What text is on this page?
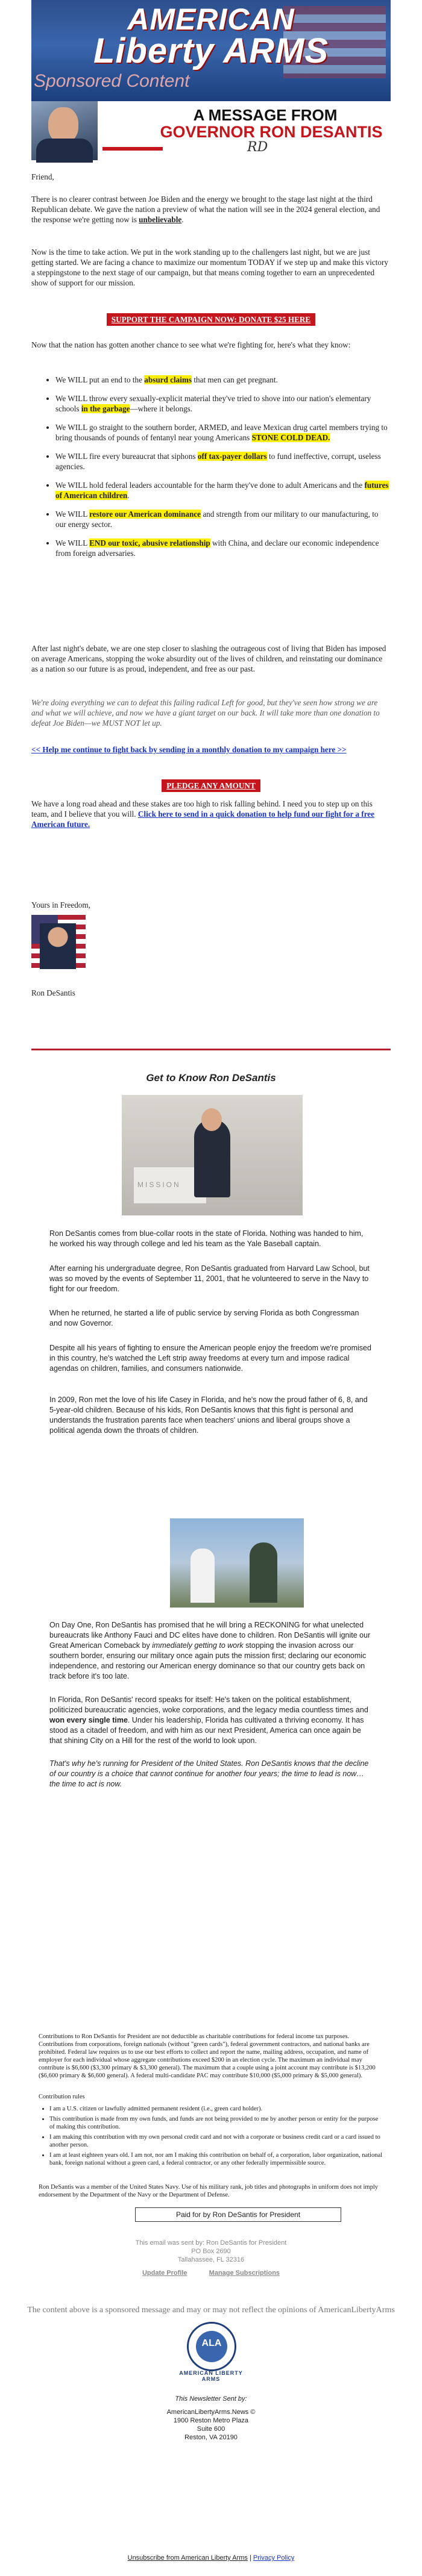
AMERICAN
Liberty ARMS
Sponsored Content
A MESSAGE FROM
GOVERNOR RON DESANTIS
RD
Friend,
There is no clearer contrast between Joe Biden and the energy we brought to the stage last night at the third Republican debate. We gave the nation a preview of what the nation will see in the 2024 general election, and the response we're getting now is unbelievable.
Now is the time to take action. We put in the work standing up to the challengers last night, but we are just getting started. We are facing a chance to maximize our momentum TODAY if we step up and make this victory a steppingstone to the next stage of our campaign, but that means coming together to earn an unprecedented show of support for our mission.
SUPPORT THE CAMPAIGN NOW: DONATE $25 HERE
Now that the nation has gotten another chance to see what we're fighting for, here's what they know:
• We WILL put an end to the absurd claims that men can get pregnant.
• We WILL throw every sexually-explicit material they've tried to shove into our nation's elementary schools in the garbage—where it belongs.
• We WILL go straight to the southern border, ARMED, and leave Mexican drug cartel members trying to bring thousands of pounds of fentanyl near young Americans STONE COLD DEAD.
• We WILL fire every bureaucrat that siphons off tax-payer dollars to fund ineffective, corrupt, useless agencies.
• We WILL hold federal leaders accountable for the harm they've done to adult Americans and the futures of American children.
• We WILL restore our American dominance and strength from our military to our manufacturing, to our energy sector.
• We WILL END our toxic, abusive relationship with China, and declare our economic independence from foreign adversaries.
After last night's debate, we are one step closer to slashing the outrageous cost of living that Biden has imposed on average Americans, stopping the woke absurdity out of the lives of children, and reinstating our dominance as a nation so our future is as proud, independent, and free as our past.
We're doing everything we can to defeat this failing radical Left for good, but they've seen how strong we are and what we will achieve, and now we have a giant target on our back. It will take more than one donation to defeat Joe Biden—we MUST NOT let up.
<< Help me continue to fight back by sending in a monthly donation to my campaign here >>
PLEDGE ANY AMOUNT
We have a long road ahead and these stakes are too high to risk falling behind. I need you to step up on this team, and I believe that you will. Click here to send in a quick donation to help fund our fight for a free American future.
Yours in Freedom,
Ron DeSantis
Get to Know Ron DeSantis
MISSION
Ron DeSantis comes from blue-collar roots in the state of Florida. Nothing was handed to him, he worked his way through college and led his team as the Yale Baseball captain.
After earning his undergraduate degree, Ron DeSantis graduated from Harvard Law School, but was so moved by the events of September 11, 2001, that he volunteered to serve in the Navy to fight for our freedom.
When he returned, he started a life of public service by serving Florida as both Congressman and now Governor.
Despite all his years of fighting to ensure the American people enjoy the freedom we're promised in this country, he's watched the Left strip away freedoms at every turn and impose radical agendas on children, families, and consumers nationwide.
In 2009, Ron met the love of his life Casey in Florida, and he's now the proud father of 6, 8, and 5-year-old children. Because of his kids, Ron DeSantis knows that this fight is personal and understands the frustration parents face when teachers' unions and liberal groups shove a political agenda down the throats of children.
On Day One, Ron DeSantis has promised that he will bring a RECKONING for what unelected bureaucrats like Anthony Fauci and DC elites have done to children. Ron DeSantis will ignite our Great American Comeback by immediately getting to work stopping the invasion across our southern border, ensuring our military once again puts the mission first; declaring our economic independence, and restoring our American energy dominance so that our country gets back on track before it's too late.
In Florida, Ron DeSantis' record speaks for itself: He's taken on the political establishment, politicized bureaucratic agencies, woke corporations, and the legacy media countless times and won every single time. Under his leadership, Florida has cultivated a thriving economy. It has stood as a citadel of freedom, and with him as our next President, America can once again be that shining City on a Hill for the rest of the world to look upon.
That's why he's running for President of the United States. Ron DeSantis knows that the decline of our country is a choice that cannot continue for another four years; the time to lead is now… the time to act is now.
Contributions to Ron DeSantis for President are not deductible as charitable contributions for federal income tax purposes. Contributions from corporations, foreign nationals (without "green cards"), federal government contractors, and national banks are prohibited. Federal law requires us to use our best efforts to collect and report the name, mailing address, occupation, and name of employer for each individual whose aggregate contributions exceed $200 in an election cycle. The maximum an individual may contribute is $6,600 ($3,300 primary & $3,300 general). The maximum that a couple using a joint account may contribute is $13,200 ($6,600 primary & $6,600 general). A federal multi-candidate PAC may contribute $10,000 ($5,000 primary & $5,000 general).
Contribution rules
• I am a U.S. citizen or lawfully admitted permanent resident (i.e., green card holder).
• This contribution is made from my own funds, and funds are not being provided to me by another person or entity for the purpose of making this contribution.
• I am making this contribution with my own personal credit card and not with a corporate or business credit card or a card issued to another person.
• I am at least eighteen years old. I am not, nor am I making this contribution on behalf of, a corporation, labor organization, national bank, foreign national without a green card, a federal contractor, or any other federally impermissible source.
Ron DeSantis was a member of the United States Navy. Use of his military rank, job titles and photographs in uniform does not imply endorsement by the Department of the Navy or the Department of Defense.
Paid for by Ron DeSantis for President
This email was sent by: Ron DeSantis for President
PO Box 2690
Tallahassee, FL 32316
Update Profile	Manage Subscriptions
The content above is a sponsored message and may or may not reflect the opinions of AmericanLibertyArms
ALA
AMERICAN LIBERTY ARMS
This Newsletter Sent by:
AmericanLibertyArms.News ©
1900 Reston Metro Plaza
Suite 600
Reston, VA 20190
Unsubscribe from American Liberty Arms | Privacy Policy
